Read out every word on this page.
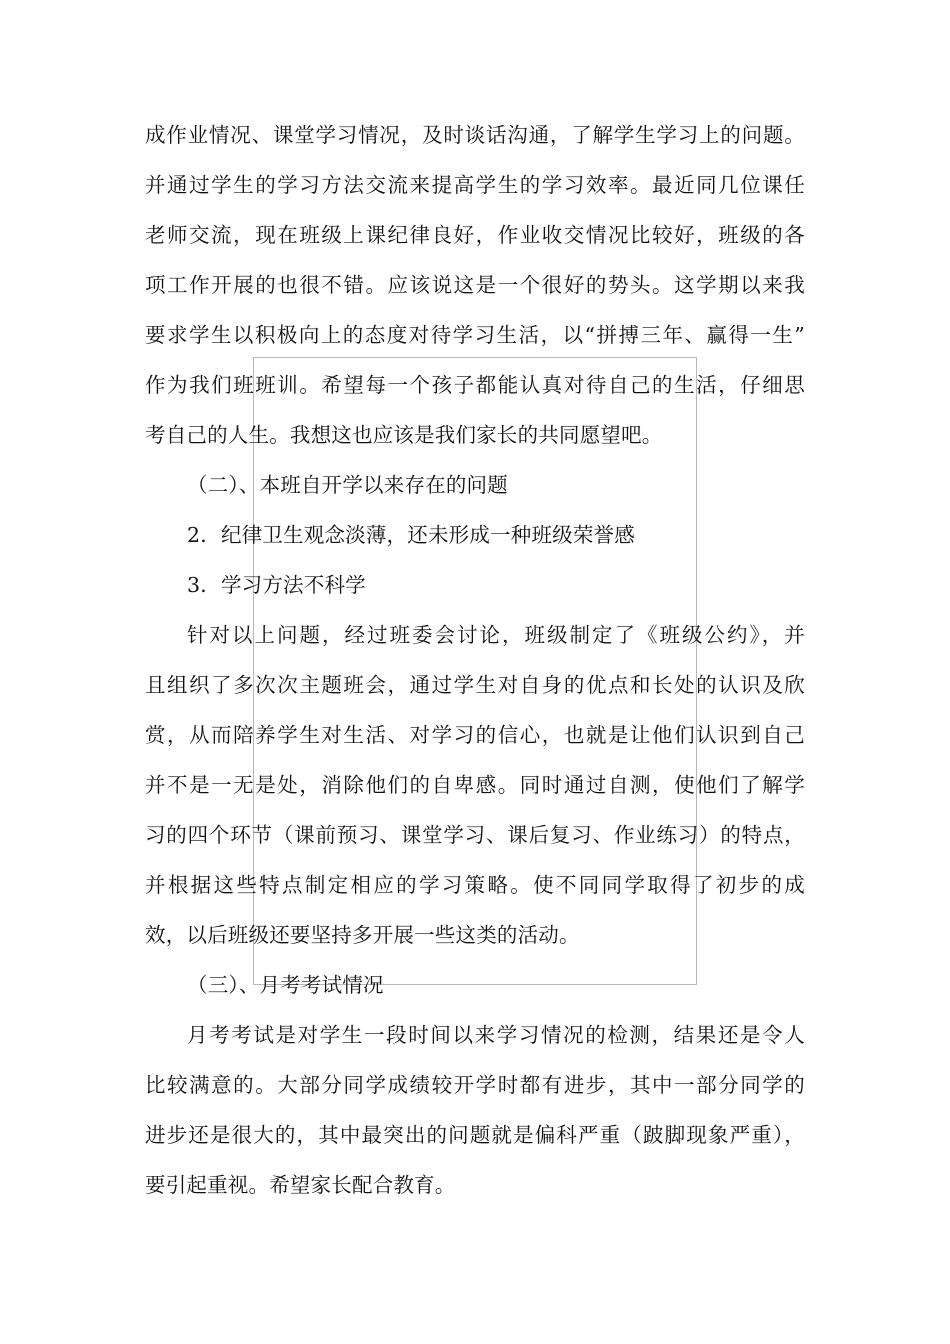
成作业情况、课堂学习情况，及时谈话沟通，了解学生学习上的问题。
并通过学生的学习方法交流来提高学生的学习效率。最近同几位课任
老师交流，现在班级上课纪律良好，作业收交情况比较好，班级的各
项工作开展的也很不错。应该说这是一个很好的势头。这学期以来我
要求学生以积极向上的态度对待学习生活，以“拼搏三年、赢得一生”
作为我们班班训。希望每一个孩子都能认真对待自己的生活，仔细思
考自己的人生。我想这也应该是我们家长的共同愿望吧。
（二）、本班自开学以来存在的问题
2．纪律卫生观念淡薄，还未形成一种班级荣誉感
3．学习方法不科学
针对以上问题，经过班委会讨论，班级制定了《班级公约》，并
且组织了多次次主题班会，通过学生对自身的优点和长处的认识及欣
赏，从而陪养学生对生活、对学习的信心，也就是让他们认识到自己
并不是一无是处，消除他们的自卑感。同时通过自测，使他们了解学
习的四个环节（课前预习、课堂学习、课后复习、作业练习）的特点，
并根据这些特点制定相应的学习策略。使不同同学取得了初步的成
效，以后班级还要坚持多开展一些这类的活动。
（三）、月考考试情况
月考考试是对学生一段时间以来学习情况的检测，结果还是令人
比较满意的。大部分同学成绩较开学时都有进步，其中一部分同学的
进步还是很大的，其中最突出的问题就是偏科严重（跛脚现象严重），
要引起重视。希望家长配合教育。
